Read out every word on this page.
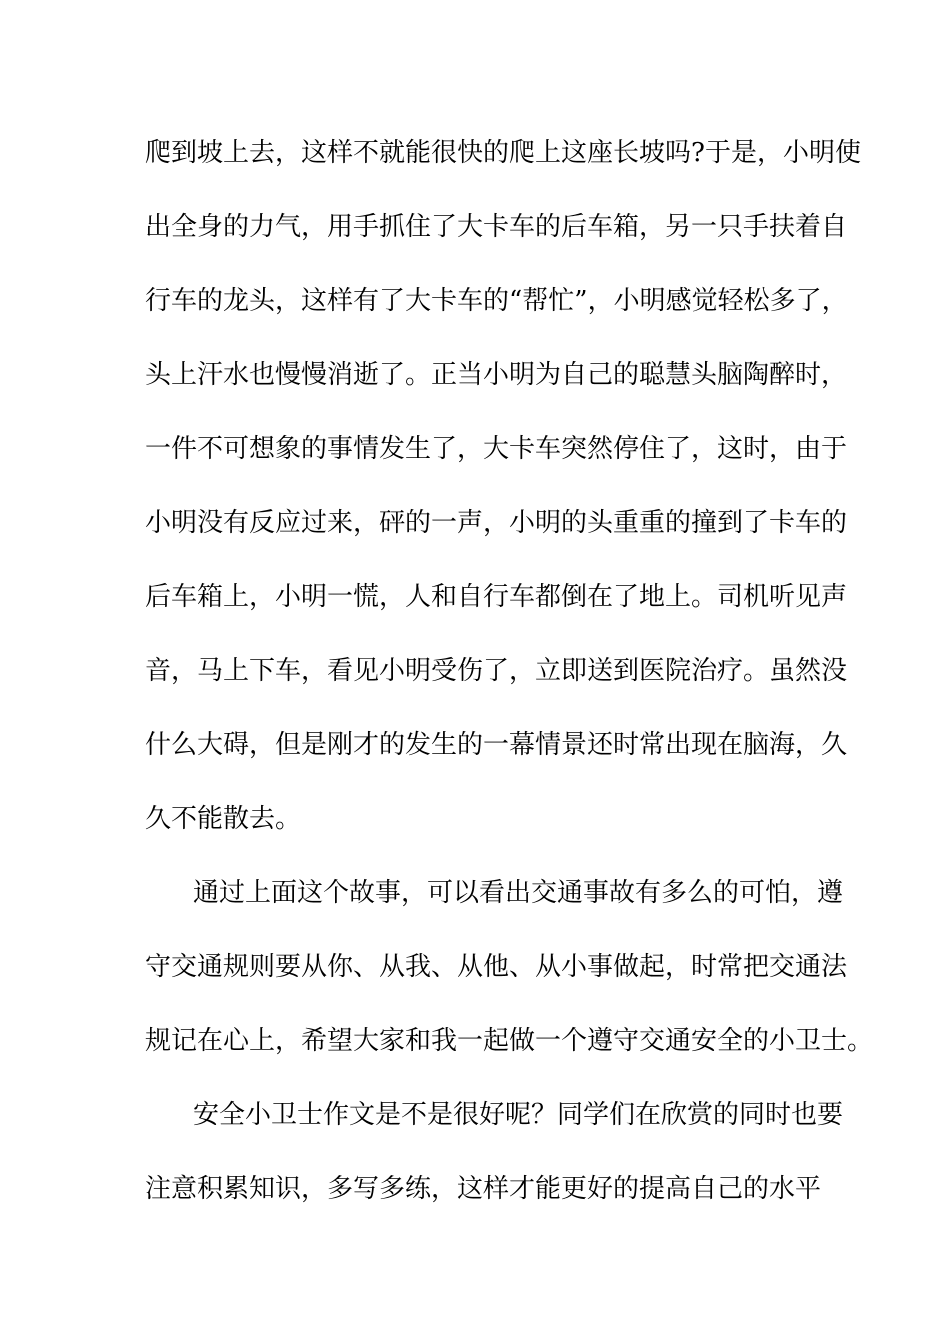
爬到坡上去，这样不就能很快的爬上这座长坡吗?于是，小明使
出全身的力气，用手抓住了大卡车的后车箱，另一只手扶着自
行车的龙头，这样有了大卡车的“帮忙”，小明感觉轻松多了，
头上汗水也慢慢消逝了。正当小明为自己的聪慧头脑陶醉时，
一件不可想象的事情发生了，大卡车突然停住了，这时，由于
小明没有反应过来，砰的一声，小明的头重重的撞到了卡车的
后车箱上，小明一慌，人和自行车都倒在了地上。司机听见声
音，马上下车，看见小明受伤了，立即送到医院治疗。虽然没
什么大碍，但是刚才的发生的一幕情景还时常出现在脑海，久
久不能散去。
通过上面这个故事，可以看出交通事故有多么的可怕，遵
守交通规则要从你、从我、从他、从小事做起，时常把交通法
规记在心上，希望大家和我一起做一个遵守交通安全的小卫士。
安全小卫士作文是不是很好呢？同学们在欣赏的同时也要
注意积累知识，多写多练，这样才能更好的提高自己的水平
